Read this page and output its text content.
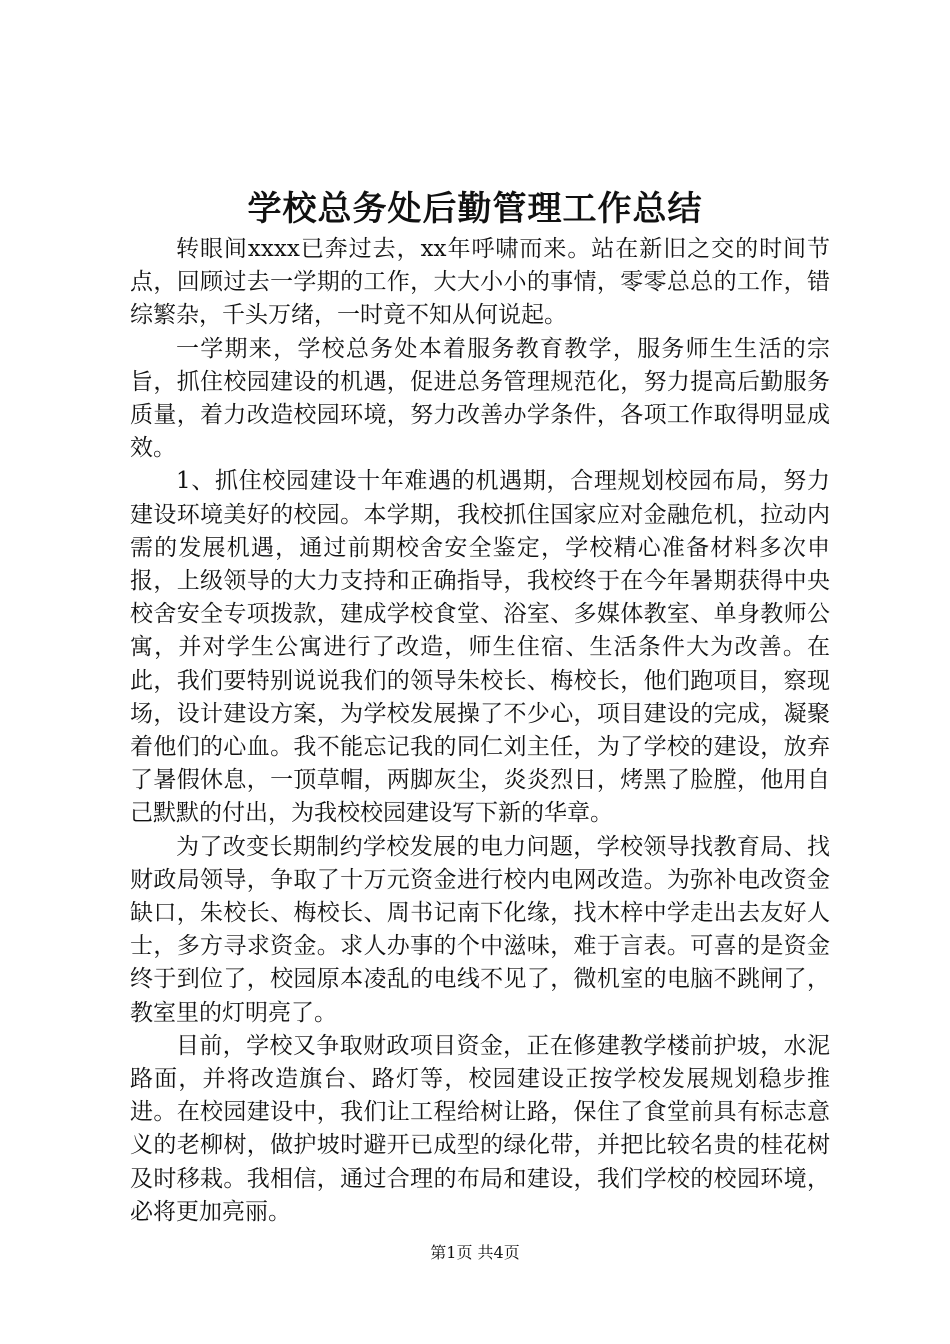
学校总务处后勤管理工作总结

转眼间xxxx已奔过去，xx年呼啸而来。站在新旧之交的时间节点，回顾过去一学期的工作，大大小小的事情，零零总总的工作，错综繁杂，千头万绪，一时竟不知从何说起。

一学期来，学校总务处本着服务教育教学，服务师生生活的宗旨，抓住校园建设的机遇，促进总务管理规范化，努力提高后勤服务质量，着力改造校园环境，努力改善办学条件，各项工作取得明显成效。

1、抓住校园建设十年难遇的机遇期，合理规划校园布局，努力建设环境美好的校园。本学期，我校抓住国家应对金融危机，拉动内需的发展机遇，通过前期校舍安全鉴定，学校精心准备材料多次申报，上级领导的大力支持和正确指导，我校终于在今年暑期获得中央校舍安全专项拨款，建成学校食堂、浴室、多媒体教室、单身教师公寓，并对学生公寓进行了改造，师生住宿、生活条件大为改善。在此，我们要特别说说我们的领导朱校长、梅校长，他们跑项目，察现场，设计建设方案，为学校发展操了不少心，项目建设的完成，凝聚着他们的心血。我不能忘记我的同仁刘主任，为了学校的建设，放弃了暑假休息，一顶草帽，两脚灰尘，炎炎烈日，烤黑了脸膛，他用自己默默的付出，为我校校园建设写下新的华章。

为了改变长期制约学校发展的电力问题，学校领导找教育局、找财政局领导，争取了十万元资金进行校内电网改造。为弥补电改资金缺口，朱校长、梅校长、周书记南下化缘，找木梓中学走出去友好人士，多方寻求资金。求人办事的个中滋味，难于言表。可喜的是资金终于到位了，校园原本凌乱的电线不见了，微机室的电脑不跳闸了，教室里的灯明亮了。

目前，学校又争取财政项目资金，正在修建教学楼前护坡，水泥路面，并将改造旗台、路灯等，校园建设正按学校发展规划稳步推进。在校园建设中，我们让工程给树让路，保住了食堂前具有标志意义的老柳树，做护坡时避开已成型的绿化带，并把比较名贵的桂花树及时移栽。我相信，通过合理的布局和建设，我们学校的校园环境，必将更加亮丽。

第1页 共4页
